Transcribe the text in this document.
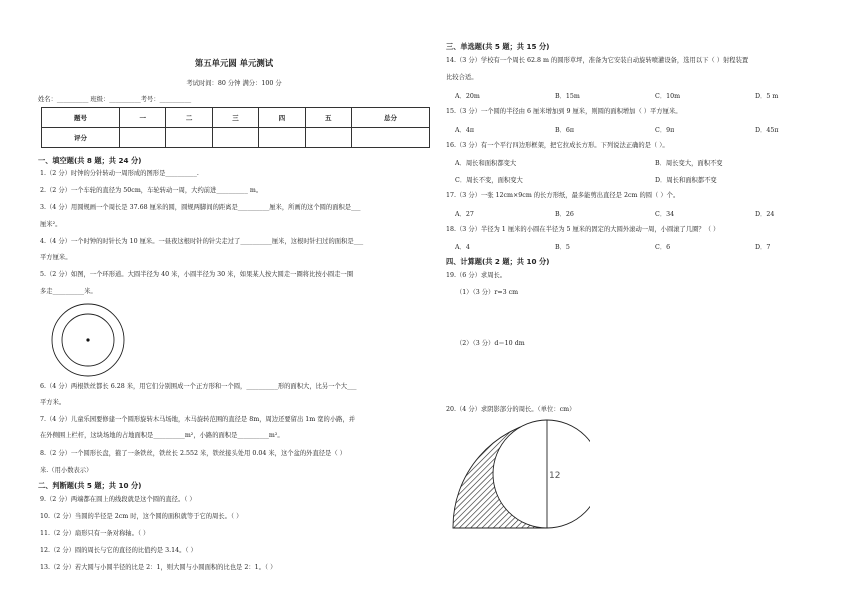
第五单元圆 单元测试
考试时间：80 分钟 满分：100 分
姓名：__________ 班级：__________考号：__________
题号	一	二	三	四	五	总分
评分						
一、填空题(共 8 题；共 24 分)
1.（2 分）时钟的分针转动一周形成的图形是__________.
2.（2 分）一个车轮的直径为 50cm，车轮转动一周，大约前进__________ m。
3.（4 分）用圆规画一个周长是 37.68 厘米的圆，圆规两脚间的距离是__________厘米，所画的这个圆的面积是___
厘米²。
4.（4 分）一个时钟的时针长为 10 厘米。一昼夜这根时针的针尖走过了__________厘米，这根时针扫过的面积是___
平方厘米。
5.（2 分）如图，一个环形道。大圆半径为 40 米，小圆半径为 30 米，如果某人按大圆走一圈将比按小圆走一圈
多走__________米。
6.（4 分）两根铁丝都长 6.28 米，用它们分别围成一个正方形和一个圆，__________形的面积大，比另一个大___
平方米。
7.（4 分）儿童乐园要修建一个圆形旋转木马场地，木马旋转范围的直径是 8m，周边还要留出 1m 宽的小路，并
在外侧围上栏杆，这块场地的占地面积是__________m²，小路的面积是__________m²。
8.（2 分）一个圆形长盘，箍了一条铁丝，铁丝长 2.552 米，铁丝接头处用 0.04 米，这个盆的外直径是（ ）
米.（用小数表示）
二、判断题(共 5 题；共 10 分)
9.（2 分）两端都在圆上的线段就是这个圆的直径。（ ）
10.（2 分）当圆的半径是 2cm 时，这个圆的面积就等于它的周长。（ ）
11.（2 分）扇形只有一条对称轴。（ ）
12.（2 分）圆的周长与它的直径的比值约是 3.14。（ ）
13.（2 分）若大圆与小圆半径的比是 2：1，则大圆与小圆面积的比也是 2：1。（ ）
三、单选题(共 5 题；共 15 分)
14.（3 分）学校有一个周长 62.8 m 的圆形草坪，准备为它安装自动旋转喷灌设备，选用以下（ ）射程装置
比较合适。
A．20m	B．15m	C．10m	D．5 m
15.（3 分）一个圆的半径由 6 厘米增加到 9 厘米，则圆的面积增加（ ）平方厘米。
A．4π	B．6π	C．9π	D．45π
16.（3 分）有一个平行四边形框架，把它拉成长方形。下列说法正确的是（ ）。
A．周长和面积都变大	B．周长变大，面积不变
C．周长不变，面积变大	D．周长和面积都不变
17.（3 分）一张 12cm×9cm 的长方形纸，最多能剪出直径是 2cm 的圆（ ）个。
A．27	B．26	C．34	D．24
18.（3 分）半径为 1 厘米的小圆在半径为 5 厘米的固定的大圆外滚动一周，小圆滚了几圈？（ ）
A．4	B．5	C．6	D．7
四、计算题(共 2 题；共 10 分)
19.（6 分）求周长。
（1）（3 分）r=3 cm
（2）（3 分）d＝10 dm
20.（4 分）求阴影部分的周长。（单位：cm）
12
